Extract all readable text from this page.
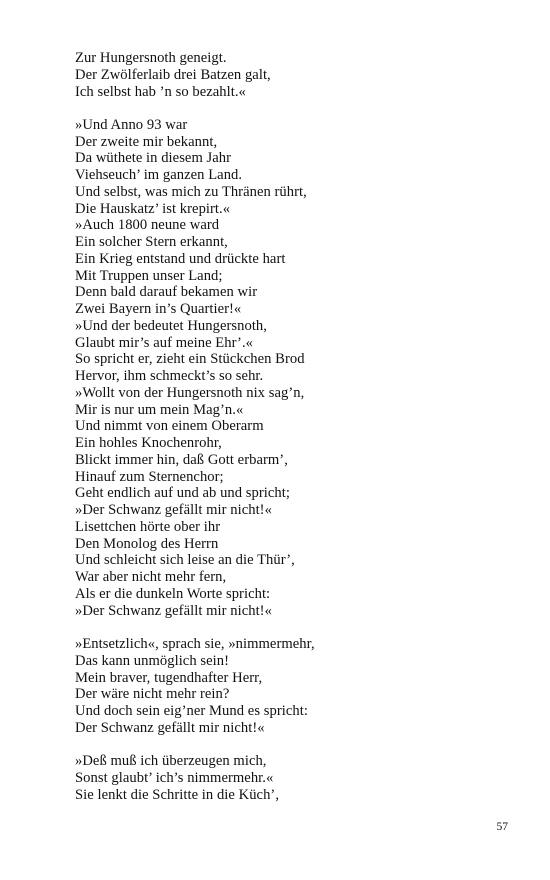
Zur Hungersnoth geneigt.
Der Zwölferlaib drei Batzen galt,
Ich selbst hab ’n so bezahlt.«
»Und Anno 93 war
Der zweite mir bekannt,
Da wüthete in diesem Jahr
Viehseuch’ im ganzen Land.
Und selbst, was mich zu Thränen rührt,
Die Hauskatz’ ist krepirt.«
»Auch 1800 neune ward
Ein solcher Stern erkannt,
Ein Krieg entstand und drückte hart
Mit Truppen unser Land;
Denn bald darauf bekamen wir
Zwei Bayern in’s Quartier!«
»Und der bedeutet Hungersnoth,
Glaubt mir’s auf meine Ehr’.«
So spricht er, zieht ein Stückchen Brod
Hervor, ihm schmeckt’s so sehr.
»Wollt von der Hungersnoth nix sag’n,
Mir is nur um mein Mag’n.«
Und nimmt von einem Oberarm
Ein hohles Knochenrohr,
Blickt immer hin, daß Gott erbarm’,
Hinauf zum Sternenchor;
Geht endlich auf und ab und spricht;
»Der Schwanz gefällt mir nicht!«
Lisettchen hörte ober ihr
Den Monolog des Herrn
Und schleicht sich leise an die Thür’,
War aber nicht mehr fern,
Als er die dunkeln Worte spricht:
»Der Schwanz gefällt mir nicht!«
»Entsetzlich«, sprach sie, »nimmermehr,
Das kann unmöglich sein!
Mein braver, tugendhafter Herr,
Der wäre nicht mehr rein?
Und doch sein eig’ner Mund es spricht:
Der Schwanz gefällt mir nicht!«
»Deß muß ich überzeugen mich,
Sonst glaubt’ ich’s nimmermehr.«
Sie lenkt die Schritte in die Küch’,
57
